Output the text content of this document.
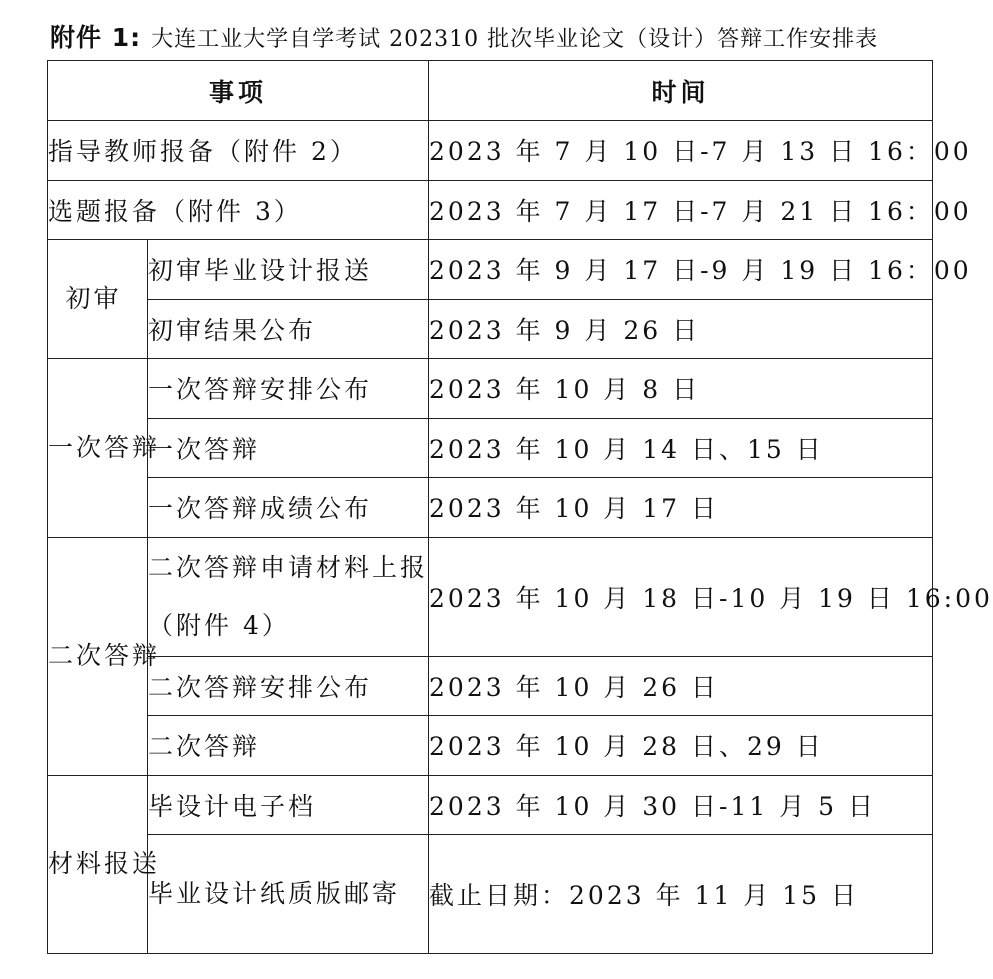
附件 1: 大连工业大学自学考试 202310 批次毕业论文（设计）答辩工作安排表
事项		时间
指导教师报备（附件 2）		2023 年 7 月 10 日-7 月 13 日 16：00
选题报备（附件 3）		2023 年 7 月 17 日-7 月 21 日 16：00
初审	初审毕业设计报送	2023 年 9 月 17 日-9 月 19 日 16：00
	初审结果公布	2023 年 9 月 26 日
一次答辩	一次答辩安排公布	2023 年 10 月 8 日
	一次答辩	2023 年 10 月 14 日、15 日
	一次答辩成绩公布	2023 年 10 月 17 日
二次答辩	二次答辩申请材料上报（附件 4）	2023 年 10 月 18 日-10 月 19 日 16:00
	二次答辩安排公布	2023 年 10 月 26 日
	二次答辩	2023 年 10 月 28 日、29 日
材料报送	毕设计电子档	2023 年 10 月 30 日-11 月 5 日
	毕业设计纸质版邮寄	截止日期：2023 年 11 月 15 日
